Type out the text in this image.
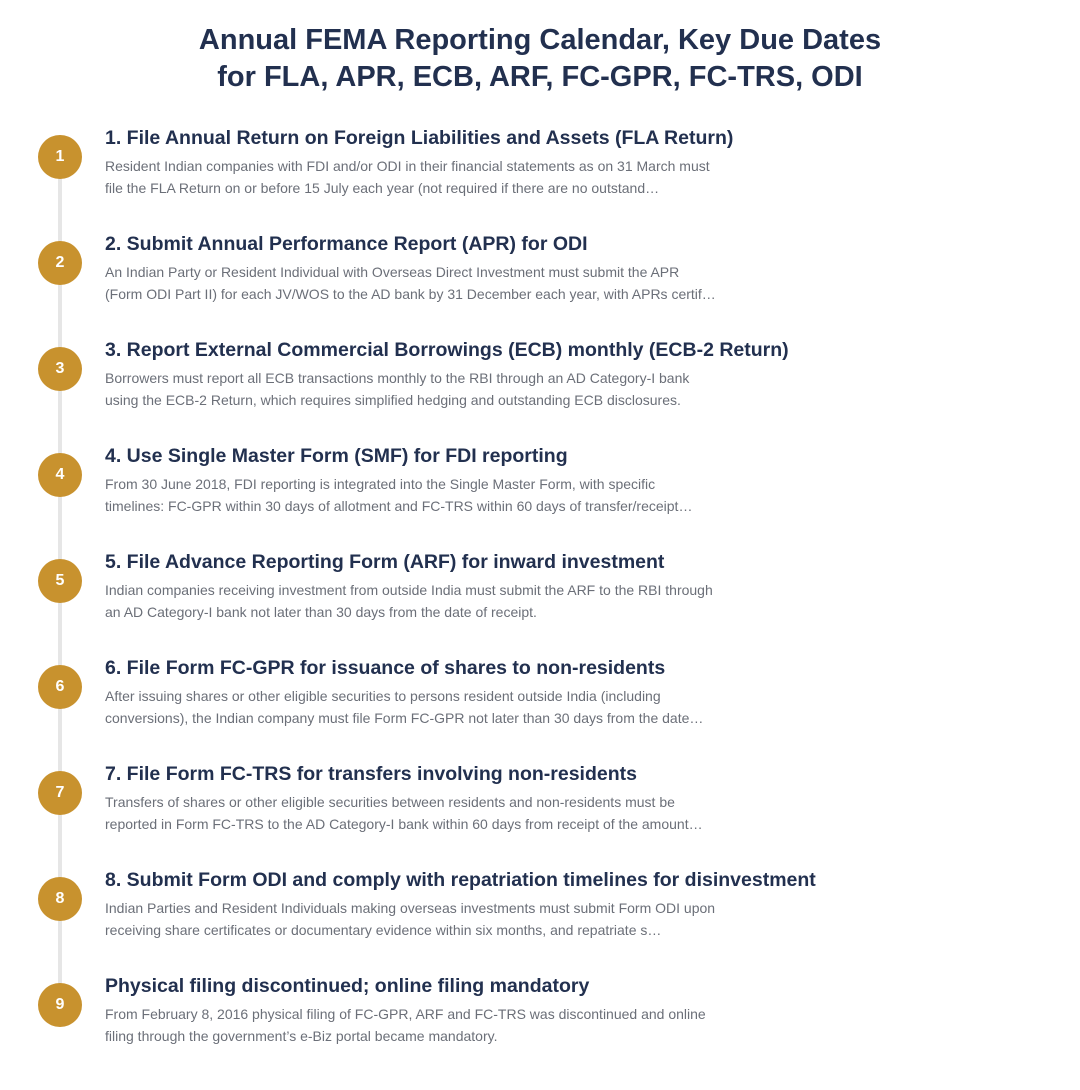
Annual FEMA Reporting Calendar, Key Due Dates
for FLA, APR, ECB, ARF, FC-GPR, FC-TRS, ODI
1
1. File Annual Return on Foreign Liabilities and Assets (FLA Return)
Resident Indian companies with FDI and/or ODI in their financial statements as on 31 March must
file the FLA Return on or before 15 July each year (not required if there are no outstand…
2
2. Submit Annual Performance Report (APR) for ODI
An Indian Party or Resident Individual with Overseas Direct Investment must submit the APR
(Form ODI Part II) for each JV/WOS to the AD bank by 31 December each year, with APRs certif…
3
3. Report External Commercial Borrowings (ECB) monthly (ECB-2 Return)
Borrowers must report all ECB transactions monthly to the RBI through an AD Category-I bank
using the ECB-2 Return, which requires simplified hedging and outstanding ECB disclosures.
4
4. Use Single Master Form (SMF) for FDI reporting
From 30 June 2018, FDI reporting is integrated into the Single Master Form, with specific
timelines: FC-GPR within 30 days of allotment and FC-TRS within 60 days of transfer/receipt…
5
5. File Advance Reporting Form (ARF) for inward investment
Indian companies receiving investment from outside India must submit the ARF to the RBI through
an AD Category-I bank not later than 30 days from the date of receipt.
6
6. File Form FC-GPR for issuance of shares to non-residents
After issuing shares or other eligible securities to persons resident outside India (including
conversions), the Indian company must file Form FC-GPR not later than 30 days from the date…
7
7. File Form FC-TRS for transfers involving non-residents
Transfers of shares or other eligible securities between residents and non-residents must be
reported in Form FC-TRS to the AD Category-I bank within 60 days from receipt of the amount…
8
8. Submit Form ODI and comply with repatriation timelines for disinvestment
Indian Parties and Resident Individuals making overseas investments must submit Form ODI upon
receiving share certificates or documentary evidence within six months, and repatriate s…
9
Physical filing discontinued; online filing mandatory
From February 8, 2016 physical filing of FC-GPR, ARF and FC-TRS was discontinued and online
filing through the government’s e-Biz portal became mandatory.
